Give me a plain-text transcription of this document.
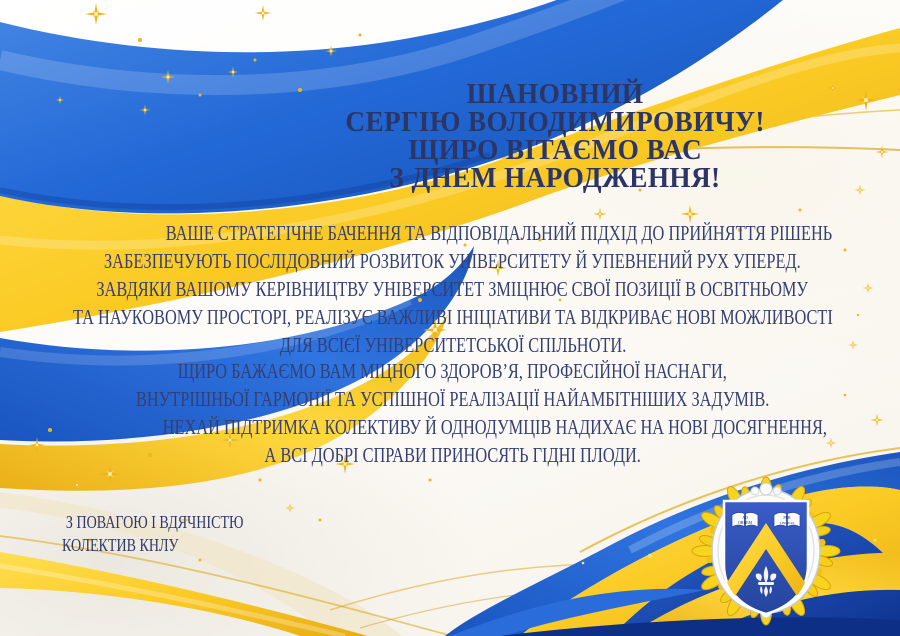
AD
ORBEM
PER
LINGUAS
ШАНОВНИЙ
СЕРГІЮ ВОЛОДИМИРОВИЧУ!
ЩИРО ВІТАЄМО ВАС
З ДНЕМ НАРОДЖЕННЯ!
ВАШЕ СТРАТЕГІЧНЕ БАЧЕННЯ ТА ВІДПОВІДАЛЬНИЙ ПІДХІД ДО ПРИЙНЯТТЯ РІШЕНЬ
ЗАБЕЗПЕЧУЮТЬ ПОСЛІДОВНИЙ РОЗВИТОК УНІВЕРСИТЕТУ Й УПЕВНЕНИЙ РУХ УПЕРЕД.
ЗАВДЯКИ ВАШОМУ КЕРІВНИЦТВУ УНІВЕРСИТЕТ ЗМІЦНЮЄ СВОЇ ПОЗИЦІЇ В ОСВІТНЬОМУ
ТА НАУКОВОМУ ПРОСТОРІ, РЕАЛІЗУЄ ВАЖЛИВІ ІНІЦІАТИВИ ТА ВІДКРИВАЄ НОВІ МОЖЛИВОСТІ
ДЛЯ ВСІЄЇ УНІВЕРСИТЕТСЬКОЇ СПІЛЬНОТИ.
ЩИРО БАЖАЄМО ВАМ МІЦНОГО ЗДОРОВ’Я, ПРОФЕСІЙНОЇ НАСНАГИ,
ВНУТРІШНЬОЇ ГАРМОНІЇ ТА УСПІШНОЇ РЕАЛІЗАЦІЇ НАЙАМБІТНІШИХ ЗАДУМІВ.
НЕХАЙ ПІДТРИМКА КОЛЕКТИВУ Й ОДНОДУМЦІВ НАДИХАЄ НА НОВІ ДОСЯГНЕННЯ,
А ВСІ ДОБРІ СПРАВИ ПРИНОСЯТЬ ГІДНІ ПЛОДИ.
З ПОВАГОЮ І ВДЯЧНІСТЮ
КОЛЕКТИВ КНЛУ
